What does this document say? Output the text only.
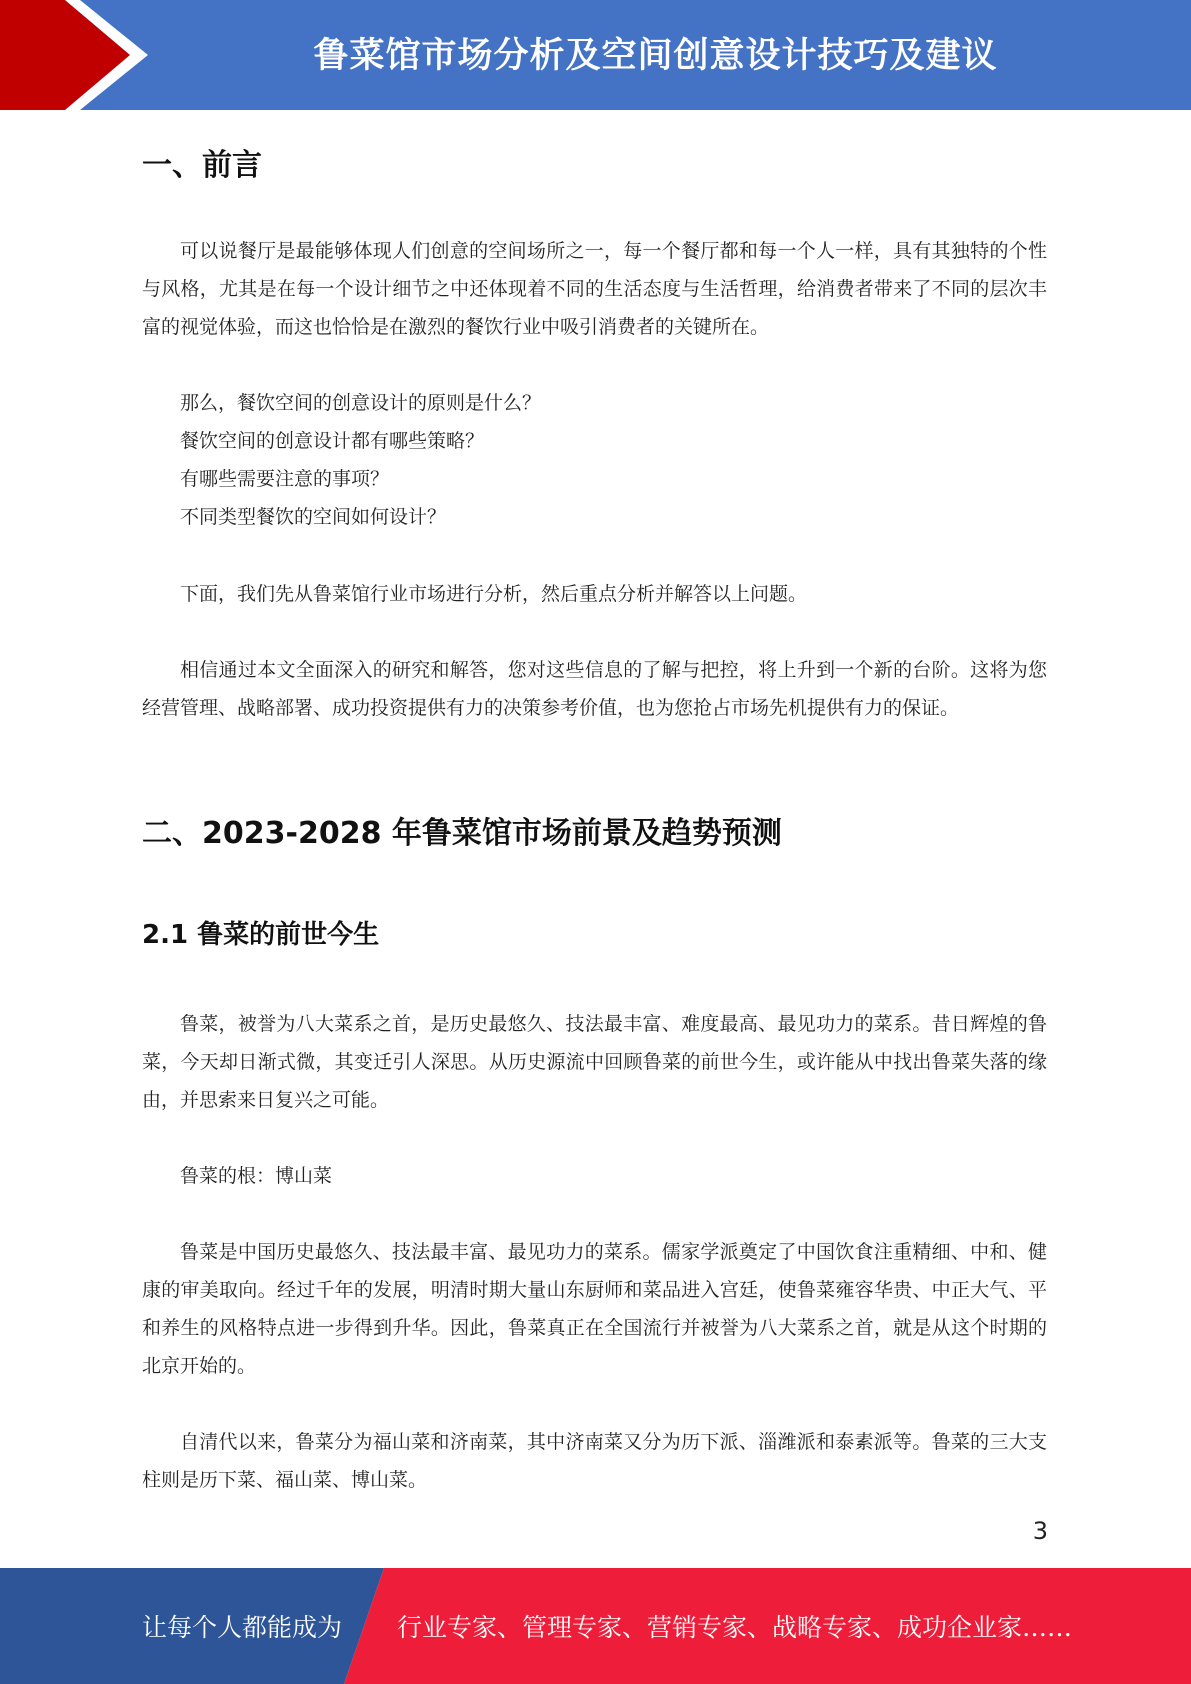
鲁菜馆市场分析及空间创意设计技巧及建议
一、前言

可以说餐厅是最能够体现人们创意的空间场所之一，每一个餐厅都和每一个人一样，具有其独特的个性与风格，尤其是在每一个设计细节之中还体现着不同的生活态度与生活哲理，给消费者带来了不同的层次丰富的视觉体验，而这也恰恰是在激烈的餐饮行业中吸引消费者的关键所在。

那么，餐饮空间的创意设计的原则是什么？
餐饮空间的创意设计都有哪些策略？
有哪些需要注意的事项？
不同类型餐饮的空间如何设计？

下面，我们先从鲁菜馆行业市场进行分析，然后重点分析并解答以上问题。

相信通过本文全面深入的研究和解答，您对这些信息的了解与把控，将上升到一个新的台阶。这将为您经营管理、战略部署、成功投资提供有力的决策参考价值，也为您抢占市场先机提供有力的保证。

二、2023-2028 年鲁菜馆市场前景及趋势预测
2.1 鲁菜的前世今生

鲁菜，被誉为八大菜系之首，是历史最悠久、技法最丰富、难度最高、最见功力的菜系。昔日辉煌的鲁菜，今天却日渐式微，其变迁引人深思。从历史源流中回顾鲁菜的前世今生，或许能从中找出鲁菜失落的缘由，并思索来日复兴之可能。

鲁菜的根：博山菜

鲁菜是中国历史最悠久、技法最丰富、最见功力的菜系。儒家学派奠定了中国饮食注重精细、中和、健康的审美取向。经过千年的发展，明清时期大量山东厨师和菜品进入宫廷，使鲁菜雍容华贵、中正大气、平和养生的风格特点进一步得到升华。因此，鲁菜真正在全国流行并被誉为八大菜系之首，就是从这个时期的北京开始的。

自清代以来，鲁菜分为福山菜和济南菜，其中济南菜又分为历下派、淄潍派和泰素派等。鲁菜的三大支柱则是历下菜、福山菜、博山菜。

3
让每个人都能成为 行业专家、管理专家、营销专家、战略专家、成功企业家……
